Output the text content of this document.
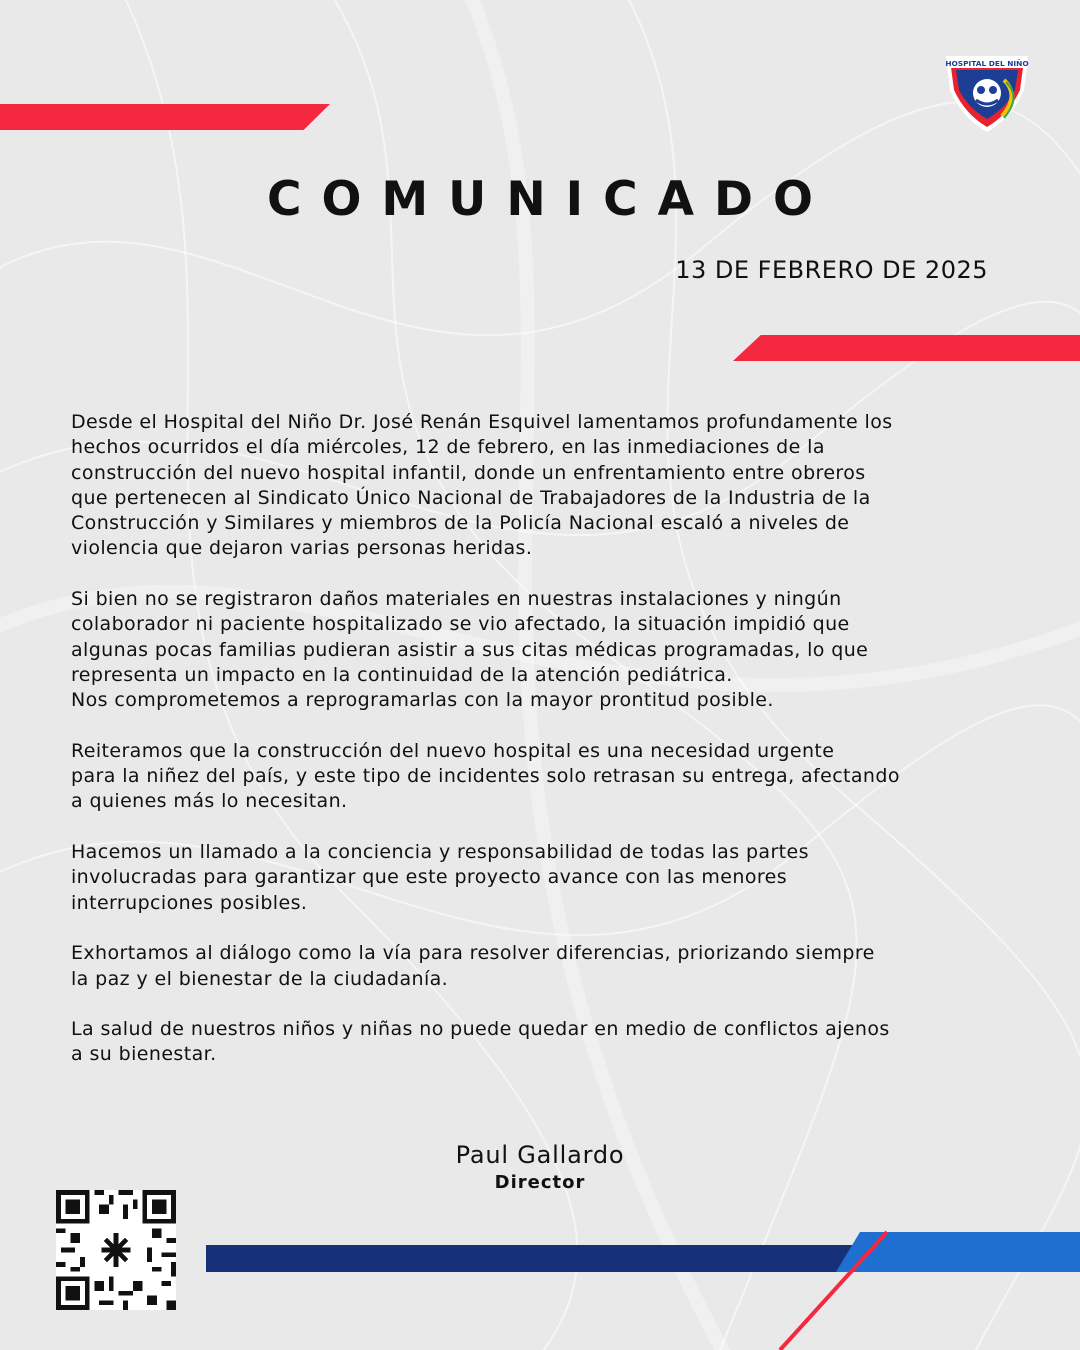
HOSPITAL DEL NIÑO
COMUNICADO
13 DE FEBRERO DE 2025

Desde el Hospital del Niño Dr. José Renán Esquivel lamentamos profundamente los
hechos ocurridos el día miércoles, 12 de febrero, en las inmediaciones de la
construcción del nuevo hospital infantil, donde un enfrentamiento entre obreros
que pertenecen al Sindicato Único Nacional de Trabajadores de la Industria de la
Construcción y Similares y miembros de la Policía Nacional escaló a niveles de
violencia que dejaron varias personas heridas.

Si bien no se registraron daños materiales en nuestras instalaciones y ningún
colaborador ni paciente hospitalizado se vio afectado, la situación impidió que
algunas pocas familias pudieran asistir a sus citas médicas programadas, lo que
representa un impacto en la continuidad de la atención pediátrica.
Nos comprometemos a reprogramarlas con la mayor prontitud posible.

Reiteramos que la construcción del nuevo hospital es una necesidad urgente
para la niñez del país, y este tipo de incidentes solo retrasan su entrega, afectando
a quienes más lo necesitan.

Hacemos un llamado a la conciencia y responsabilidad de todas las partes
involucradas para garantizar que este proyecto avance con las menores
interrupciones posibles.

Exhortamos al diálogo como la vía para resolver diferencias, priorizando siempre
la paz y el bienestar de la ciudadanía.

La salud de nuestros niños y niñas no puede quedar en medio de conflictos ajenos
a su bienestar.

Paul Gallardo
Director
